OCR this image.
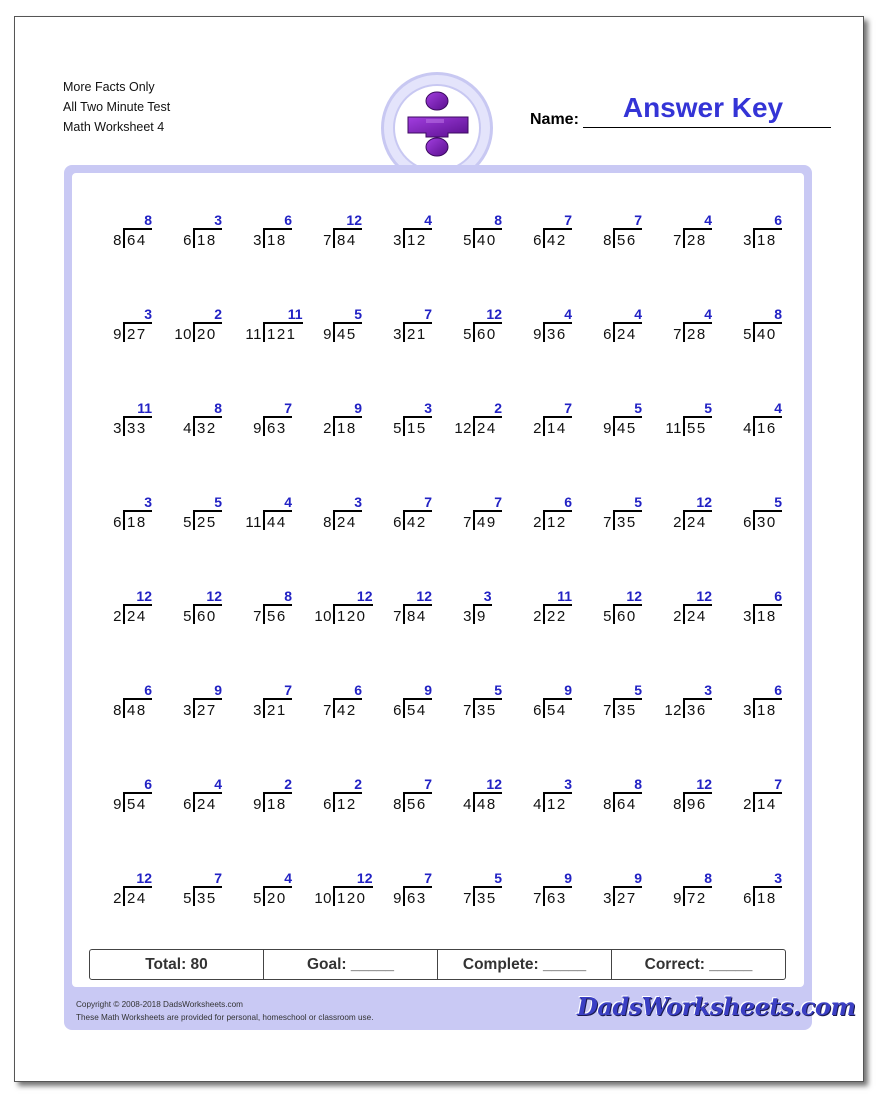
More Facts Only
All Two Minute Test
Math Worksheet 4	Name:	Answer Key
8
8 64
3
6 18
6
3 18
12
7 84
4
3 12
8
5 40
7
6 42
7
8 56
4
7 28
6
3 18
3
9 27
2
10 20
11
11 121
5
9 45
7
3 21
12
5 60
4
9 36
4
6 24
4
7 28
8
5 40
11
3 33
8
4 32
7
9 63
9
2 18
3
5 15
2
12 24
7
2 14
5
9 45
5
11 55
4
4 16
3
6 18
5
5 25
4
11 44
3
8 24
7
6 42
7
7 49
6
2 12
5
7 35
12
2 24
5
6 30
12
2 24
12
5 60
8
7 56
12
10 120
12
7 84
3
3 9
11
2 22
12
5 60
12
2 24
6
3 18
6
8 48
9
3 27
7
3 21
6
7 42
9
6 54
5
7 35
9
6 54
5
7 35
3
12 36
6
3 18
6
9 54
4
6 24
2
9 18
2
6 12
7
8 56
12
4 48
3
4 12
8
8 64
12
8 96
7
2 14
12
2 24
7
5 35
4
5 20
12
10 120
7
9 63
5
7 35
9
7 63
9
3 27
8
9 72
3
6 18
Total: 80	Goal: _____	Complete: _____	Correct: _____
Copyright © 2008-2018 DadsWorksheets.com
These Math Worksheets are provided for personal, homeschool or classroom use.	DadsWorksheets.com
